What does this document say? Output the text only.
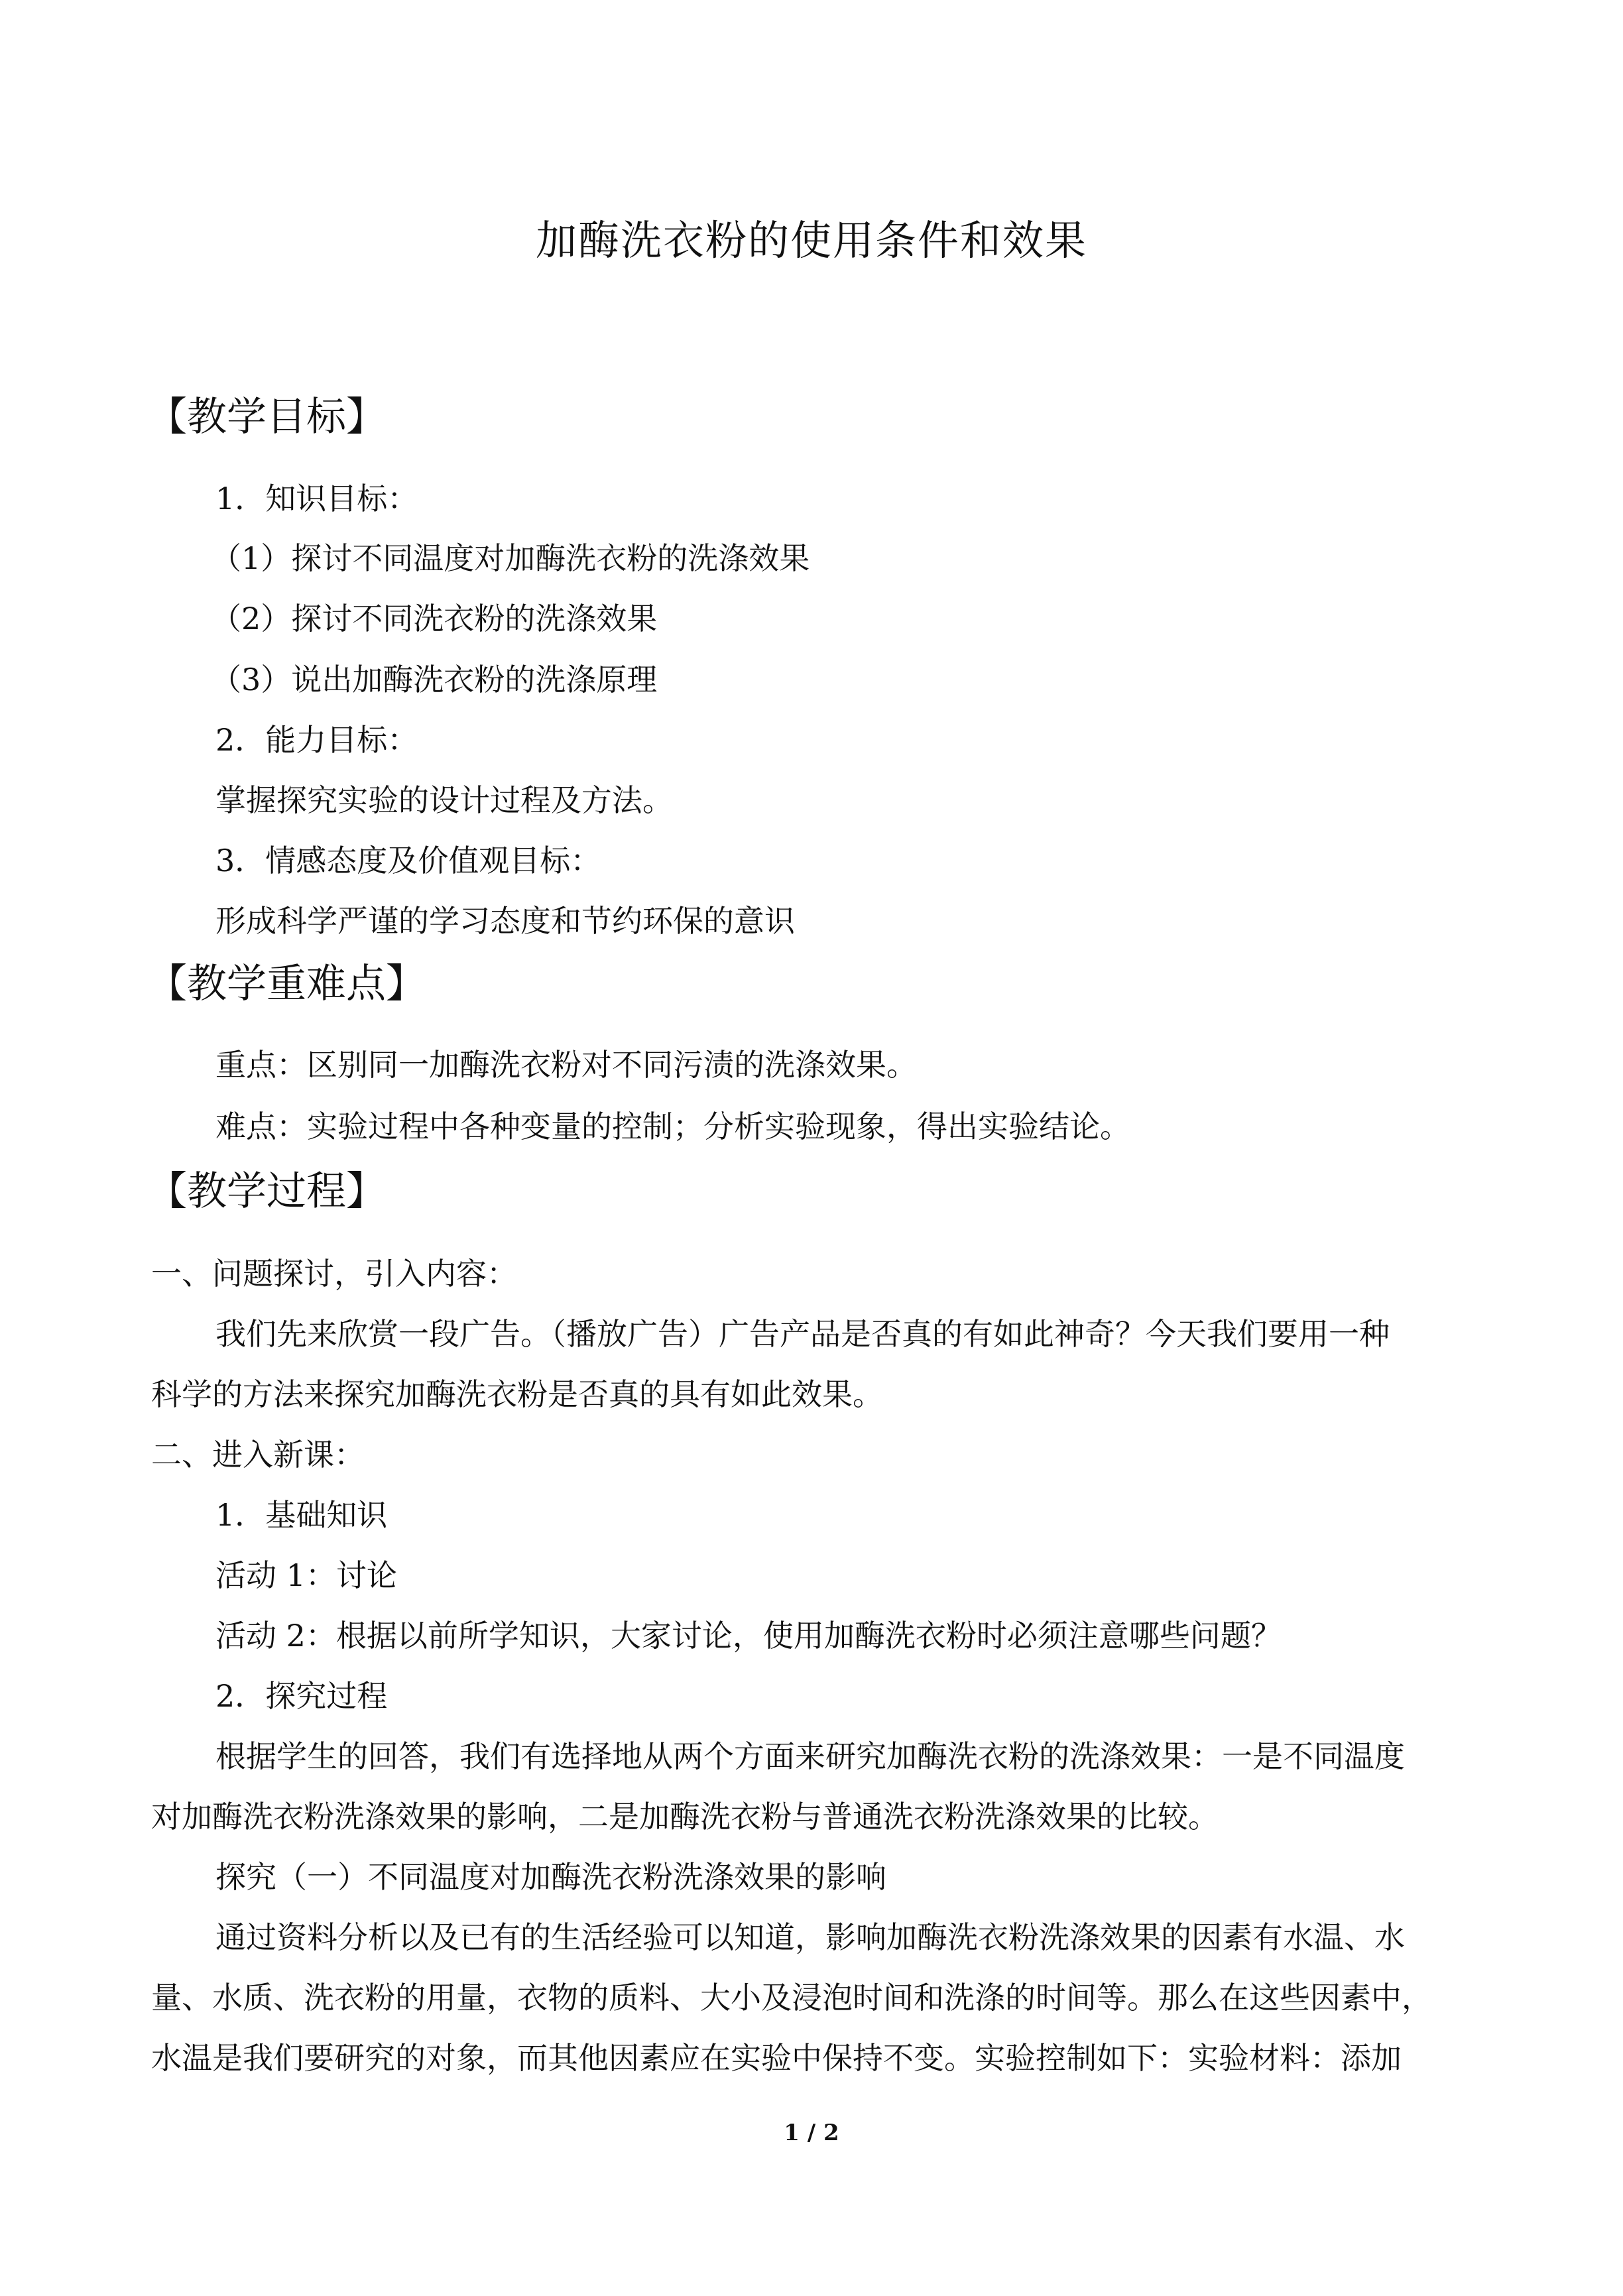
加酶洗衣粉的使用条件和效果
【教学目标】
1．知识目标：
（1）探讨不同温度对加酶洗衣粉的洗涤效果
（2）探讨不同洗衣粉的洗涤效果
（3）说出加酶洗衣粉的洗涤原理
2．能力目标：
掌握探究实验的设计过程及方法。
3．情感态度及价值观目标：
形成科学严谨的学习态度和节约环保的意识
【教学重难点】
重点：区别同一加酶洗衣粉对不同污渍的洗涤效果。
难点：实验过程中各种变量的控制；分析实验现象，得出实验结论。
【教学过程】
一、问题探讨，引入内容：
我们先来欣赏一段广告。（播放广告）广告产品是否真的有如此神奇？今天我们要用一种
科学的方法来探究加酶洗衣粉是否真的具有如此效果。
二、进入新课：
1．基础知识
活动 1：讨论
活动 2：根据以前所学知识，大家讨论，使用加酶洗衣粉时必须注意哪些问题？
2．探究过程
根据学生的回答，我们有选择地从两个方面来研究加酶洗衣粉的洗涤效果：一是不同温度
对加酶洗衣粉洗涤效果的影响，二是加酶洗衣粉与普通洗衣粉洗涤效果的比较。
探究（一）不同温度对加酶洗衣粉洗涤效果的影响
通过资料分析以及已有的生活经验可以知道，影响加酶洗衣粉洗涤效果的因素有水温、水
量、水质、洗衣粉的用量，衣物的质料、大小及浸泡时间和洗涤的时间等。那么在这些因素中，
水温是我们要研究的对象，而其他因素应在实验中保持不变。实验控制如下：实验材料：添加
1 / 2
